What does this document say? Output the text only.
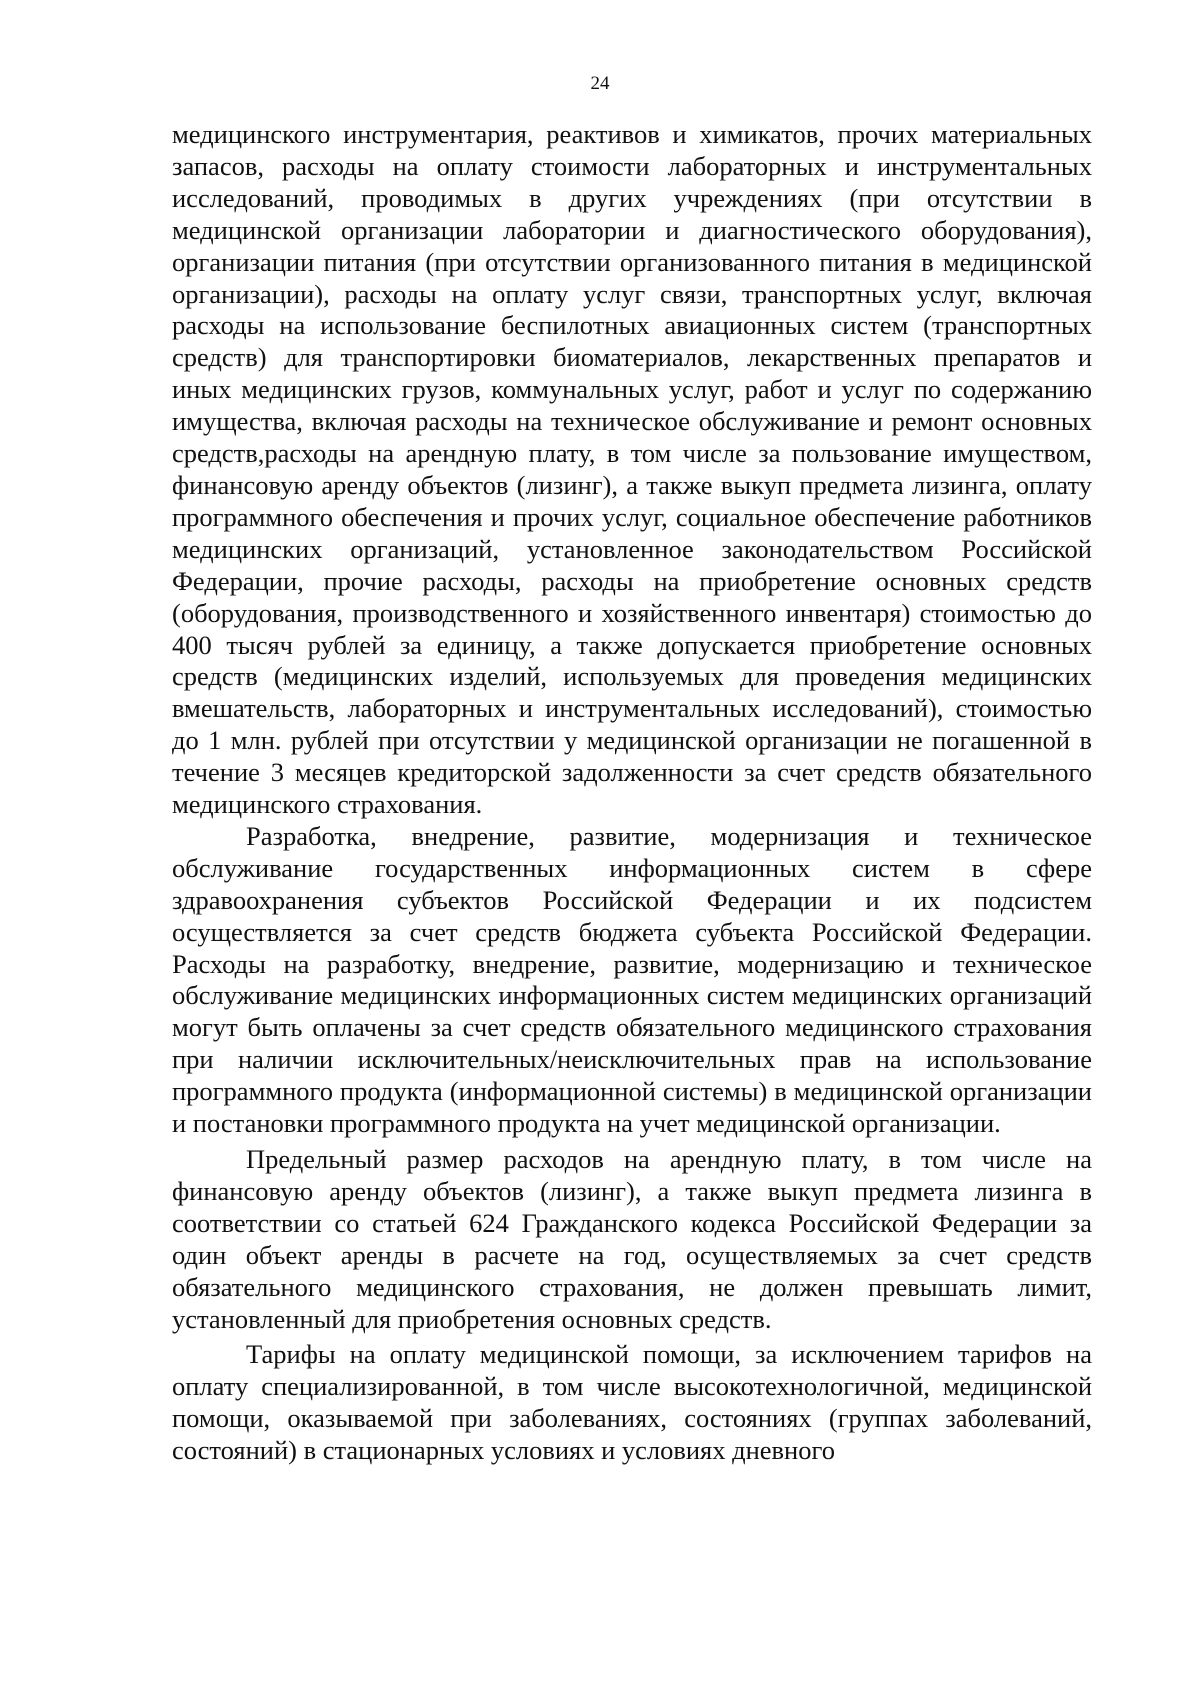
24

медицинского инструментария, реактивов и химикатов, прочих материальных запасов, расходы на оплату стоимости лабораторных и инструментальных исследований, проводимых в других учреждениях (при отсутствии в медицинской организации лаборатории и диагностического оборудования), организации питания (при отсутствии организованного питания в медицинской организации), расходы на оплату услуг связи, транспортных услуг, включая расходы на использование беспилотных авиационных систем (транспортных средств) для транспортировки биоматериалов, лекарственных препаратов и иных медицинских грузов, коммунальных услуг, работ и услуг по содержанию имущества, включая расходы на техническое обслуживание и ремонт основных средств,расходы на арендную плату, в том числе за пользование имуществом, финансовую аренду объектов (лизинг), а также выкуп предмета лизинга, оплату программного обеспечения и прочих услуг, социальное обеспечение работников медицинских организаций, установленное законодательством Российской Федерации, прочие расходы, расходы на приобретение основных средств (оборудования, производственного и хозяйственного инвентаря) стоимостью до 400 тысяч рублей за единицу, а также допускается приобретение основных средств (медицинских изделий, используемых для проведения медицинских вмешательств, лабораторных и инструментальных исследований), стоимостью до 1 млн. рублей при отсутствии у медицинской организации не погашенной в течение 3 месяцев кредиторской задолженности за счет средств обязательного медицинского страхования.

Разработка, внедрение, развитие, модернизация и техническое обслуживание государственных информационных систем в сфере здравоохранения субъектов Российской Федерации и их подсистем осуществляется за счет средств бюджета субъекта Российской Федерации. Расходы на разработку, внедрение, развитие, модернизацию и техническое обслуживание медицинских информационных систем медицинских организаций могут быть оплачены за счет средств обязательного медицинского страхования при наличии исключительных/неисключительных прав на использование программного продукта (информационной системы) в медицинской организации и постановки программного продукта на учет медицинской организации.

Предельный размер расходов на арендную плату, в том числе на финансовую аренду объектов (лизинг), а также выкуп предмета лизинга в соответствии со статьей 624 Гражданского кодекса Российской Федерации за один объект аренды в расчете на год, осуществляемых за счет средств обязательного медицинского страхования, не должен превышать лимит, установленный для приобретения основных средств.

Тарифы на оплату медицинской помощи, за исключением тарифов на оплату специализированной, в том числе высокотехнологичной, медицинской помощи, оказываемой при заболеваниях, состояниях (группах заболеваний, состояний) в стационарных условиях и условиях дневного
